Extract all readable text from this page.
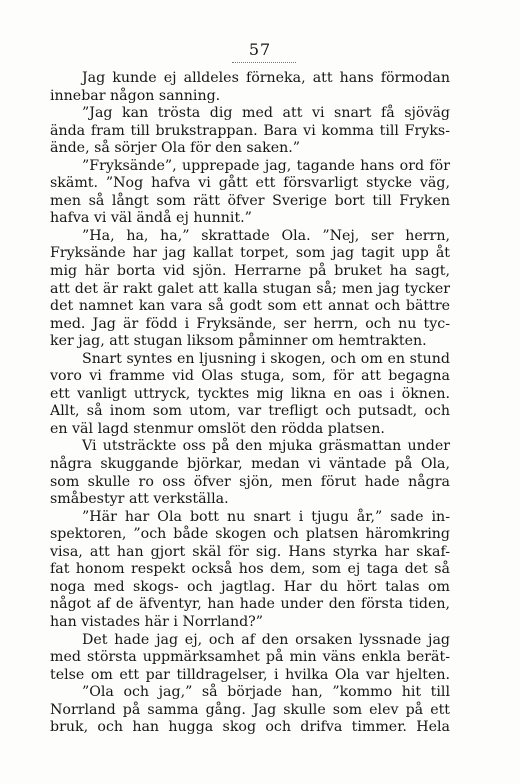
57
Jag kunde ej alldeles förneka, att hans förmodan
innebar någon sanning.
”Jag kan trösta dig med att vi snart få sjöväg
ända fram till brukstrappan. Bara vi komma till Fryks-
ände, så sörjer Ola för den saken.”
”Fryksände”, upprepade jag, tagande hans ord för
skämt. ”Nog hafva vi gått ett försvarligt stycke väg,
men så långt som rätt öfver Sverige bort till Fryken
hafva vi väl ändå ej hunnit.”
”Ha, ha, ha,” skrattade Ola. ”Nej, ser herrn,
Fryksände har jag kallat torpet, som jag tagit upp åt
mig här borta vid sjön. Herrarne på bruket ha sagt,
att det är rakt galet att kalla stugan så; men jag tycker
det namnet kan vara så godt som ett annat och bättre
med. Jag är född i Fryksände, ser herrn, och nu tyc-
ker jag, att stugan liksom påminner om hemtrakten.
Snart syntes en ljusning i skogen, och om en stund
voro vi framme vid Olas stuga, som, för att begagna
ett vanligt uttryck, tycktes mig likna en oas i öknen.
Allt, så inom som utom, var trefligt och putsadt, och
en väl lagd stenmur omslöt den rödda platsen.
Vi utsträckte oss på den mjuka gräsmattan under
några skuggande björkar, medan vi väntade på Ola,
som skulle ro oss öfver sjön, men förut hade några
småbestyr att verkställa.
”Här har Ola bott nu snart i tjugu år,” sade in-
spektoren, ”och både skogen och platsen häromkring
visa, att han gjort skäl för sig. Hans styrka har skaf-
fat honom respekt också hos dem, som ej taga det så
noga med skogs- och jagtlag. Har du hört talas om
något af de äfventyr, han hade under den första tiden,
han vistades här i Norrland?”
Det hade jag ej, och af den orsaken lyssnade jag
med största uppmärksamhet på min väns enkla berät-
telse om ett par tilldragelser, i hvilka Ola var hjelten.
”Ola och jag,” så började han, ”kommo hit till
Norrland på samma gång. Jag skulle som elev på ett
bruk, och han hugga skog och drifva timmer. Hela
